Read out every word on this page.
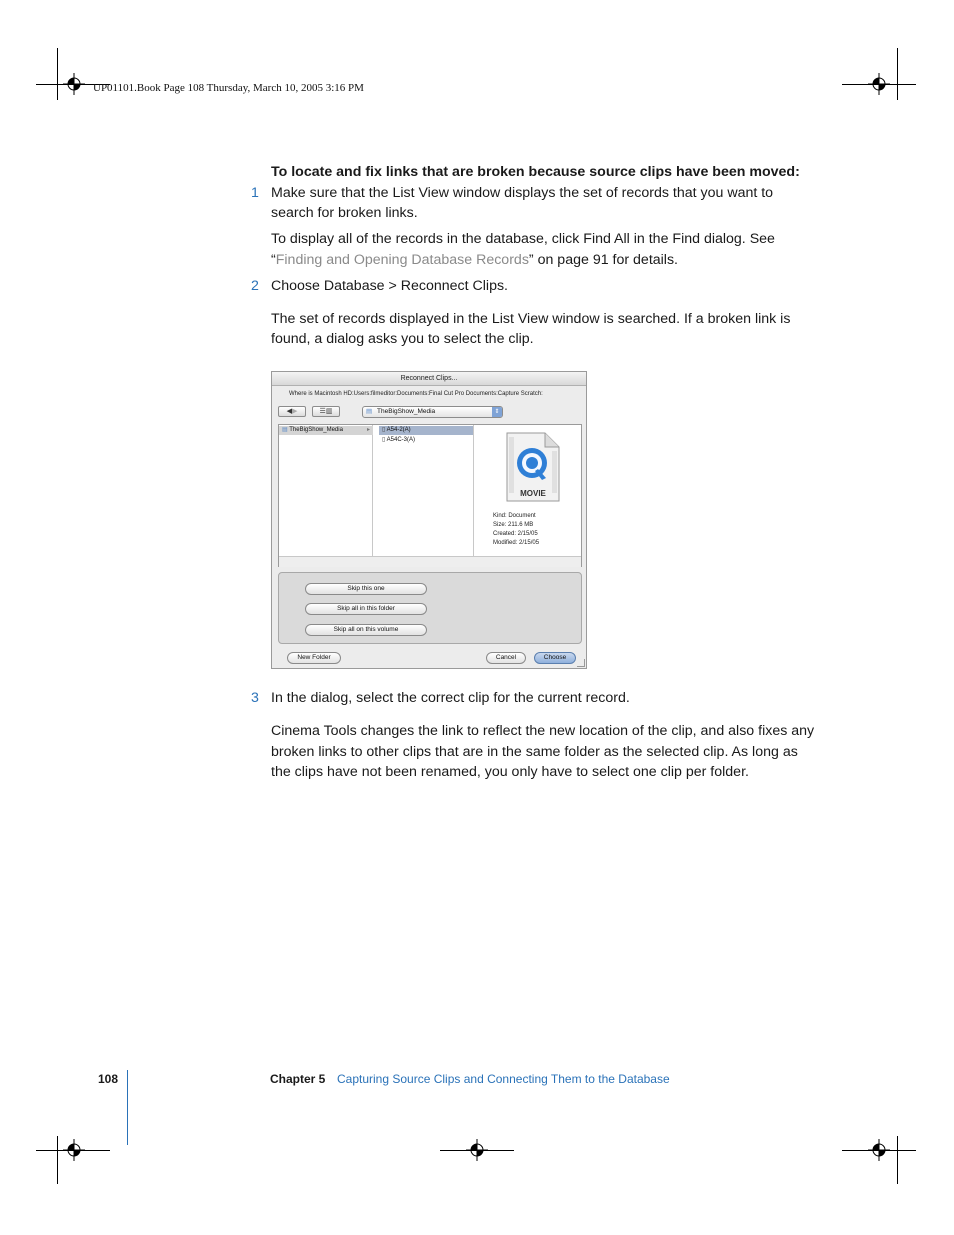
UP01101.Book Page 108 Thursday, March 10, 2005 3:16 PM
To locate and fix links that are broken because source clips have been moved:
1 Make sure that the List View window displays the set of records that you want to
search for broken links.
To display all of the records in the database, click Find All in the Find dialog. See
“Finding and Opening Database Records” on page 91 for details.
2 Choose Database > Reconnect Clips.
The set of records displayed in the List View window is searched. If a broken link is
found, a dialog asks you to select the clip.
Reconnect Clips...
Where is Macintosh HD:Users:filmeditor:Documents:Final Cut Pro Documents:Capture Scratch:
◀▶	☰▥	▤ TheBigShow_Media	⇕
▤ TheBigShow_Media	▸	▯ A54-2(A)
▯ A54C-3(A)
MOVIE
Kind: Document
Size: 211.6 MB
Created: 2/15/05
Modified: 2/15/05
Skip this one
Skip all in this folder
Skip all on this volume
New Folder	Cancel	Choose
3 In the dialog, select the correct clip for the current record.
Cinema Tools changes the link to reflect the new location of the clip, and also fixes any
broken links to other clips that are in the same folder as the selected clip. As long as
the clips have not been renamed, you only have to select one clip per folder.
108	Chapter 5 Capturing Source Clips and Connecting Them to the Database
